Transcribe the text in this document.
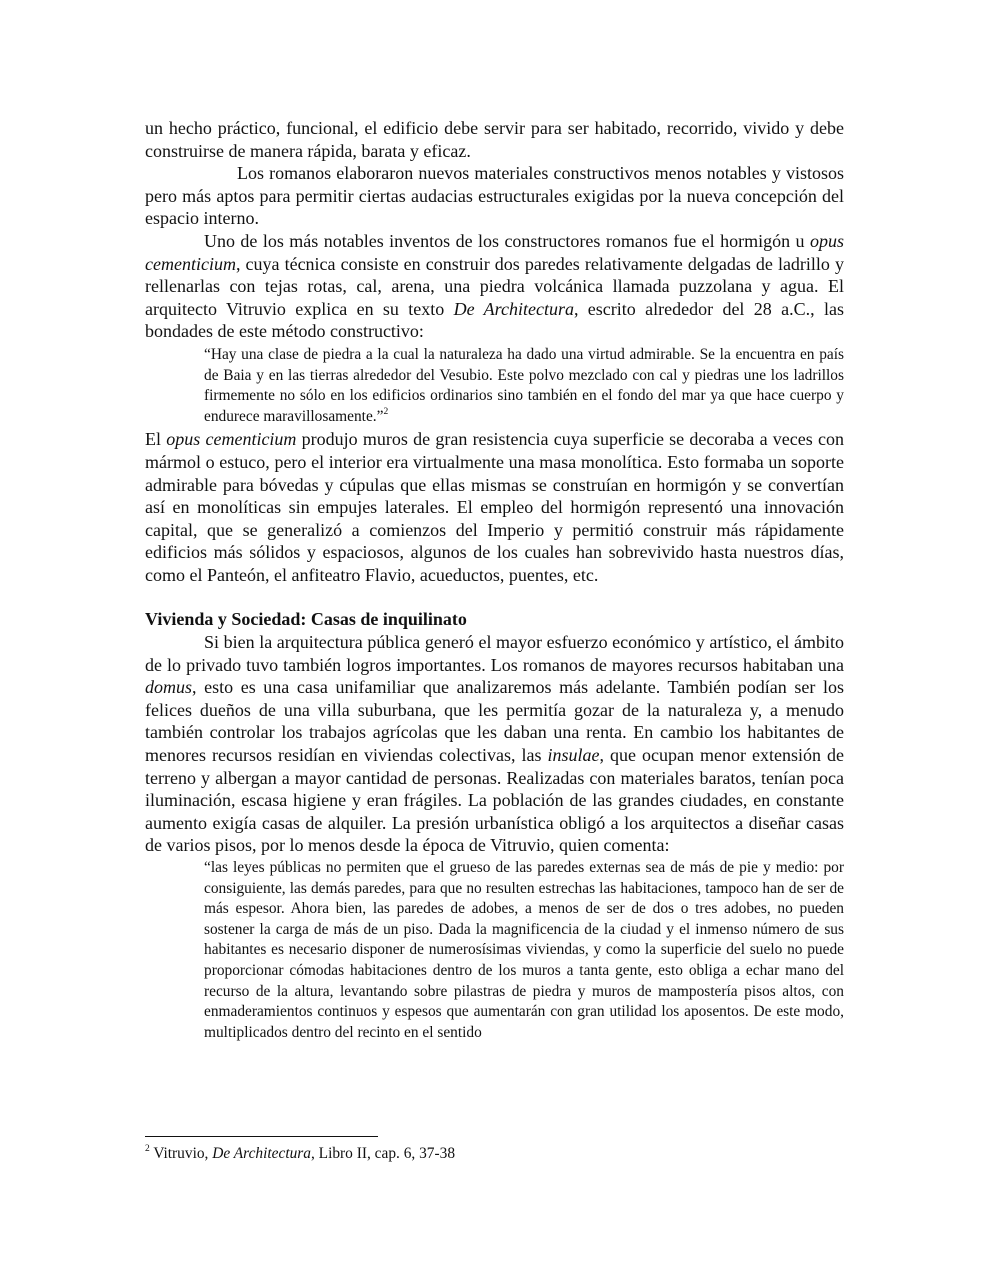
un hecho práctico, funcional, el edificio debe servir para ser habitado, recorrido, vivido y debe construirse de manera rápida, barata y eficaz.

Los romanos elaboraron nuevos materiales constructivos menos notables y vistosos pero más aptos para permitir ciertas audacias estructurales exigidas por la nueva concepción del espacio interno.

Uno de los más notables inventos de los constructores romanos fue el hormigón u opus cementicium, cuya técnica consiste en construir dos paredes relativamente delgadas de ladrillo y rellenarlas con tejas rotas, cal, arena, una piedra volcánica llamada puzzolana y agua. El arquitecto Vitruvio explica en su texto De Architectura, escrito alrededor del 28 a.C., las bondades de este método constructivo:

“Hay una clase de piedra a la cual la naturaleza ha dado una virtud admirable. Se la encuentra en país de Baia y en las tierras alrededor del Vesubio. Este polvo mezclado con cal y piedras une los ladrillos firmemente no sólo en los edificios ordinarios sino también en el fondo del mar ya que hace cuerpo y endurece maravillosamente.”$^2$

El opus cementicium produjo muros de gran resistencia cuya superficie se decoraba a veces con mármol o estuco, pero el interior era virtualmente una masa monolítica. Esto formaba un soporte admirable para bóvedas y cúpulas que ellas mismas se construían en hormigón y se convertían así en monolíticas sin empujes laterales. El empleo del hormigón representó una innovación capital, que se generalizó a comienzos del Imperio y permitió construir más rápidamente edificios más sólidos y espaciosos, algunos de los cuales han sobrevivido hasta nuestros días, como el Panteón, el anfiteatro Flavio, acueductos, puentes, etc.

Vivienda y Sociedad: Casas de inquilinato

Si bien la arquitectura pública generó el mayor esfuerzo económico y artístico, el ámbito de lo privado tuvo también logros importantes. Los romanos de mayores recursos habitaban una domus, esto es una casa unifamiliar que analizaremos más adelante. También podían ser los felices dueños de una villa suburbana, que les permitía gozar de la naturaleza y, a menudo también controlar los trabajos agrícolas que les daban una renta. En cambio los habitantes de menores recursos residían en viviendas colectivas, las insulae, que ocupan menor extensión de terreno y albergan a mayor cantidad de personas. Realizadas con materiales baratos, tenían poca iluminación, escasa higiene y eran frágiles. La población de las grandes ciudades, en constante aumento exigía casas de alquiler. La presión urbanística obligó a los arquitectos a diseñar casas de varios pisos, por lo menos desde la época de Vitruvio, quien comenta:

“las leyes públicas no permiten que el grueso de las paredes externas sea de más de pie y medio: por consiguiente, las demás paredes, para que no resulten estrechas las habitaciones, tampoco han de ser de más espesor. Ahora bien, las paredes de adobes, a menos de ser de dos o tres adobes, no pueden sostener la carga de más de un piso. Dada la magnificencia de la ciudad y el inmenso número de sus habitantes es necesario disponer de numerosísimas viviendas, y como la superficie del suelo no puede proporcionar cómodas habitaciones dentro de los muros a tanta gente, esto obliga a echar mano del recurso de la altura, levantando sobre pilastras de piedra y muros de mampostería pisos altos, con enmaderamientos continuos y espesos que aumentarán con gran utilidad los aposentos. De este modo, multiplicados dentro del recinto en el sentido

$^2$ Vitruvio, De Architectura, Libro II, cap. 6, 37-38
